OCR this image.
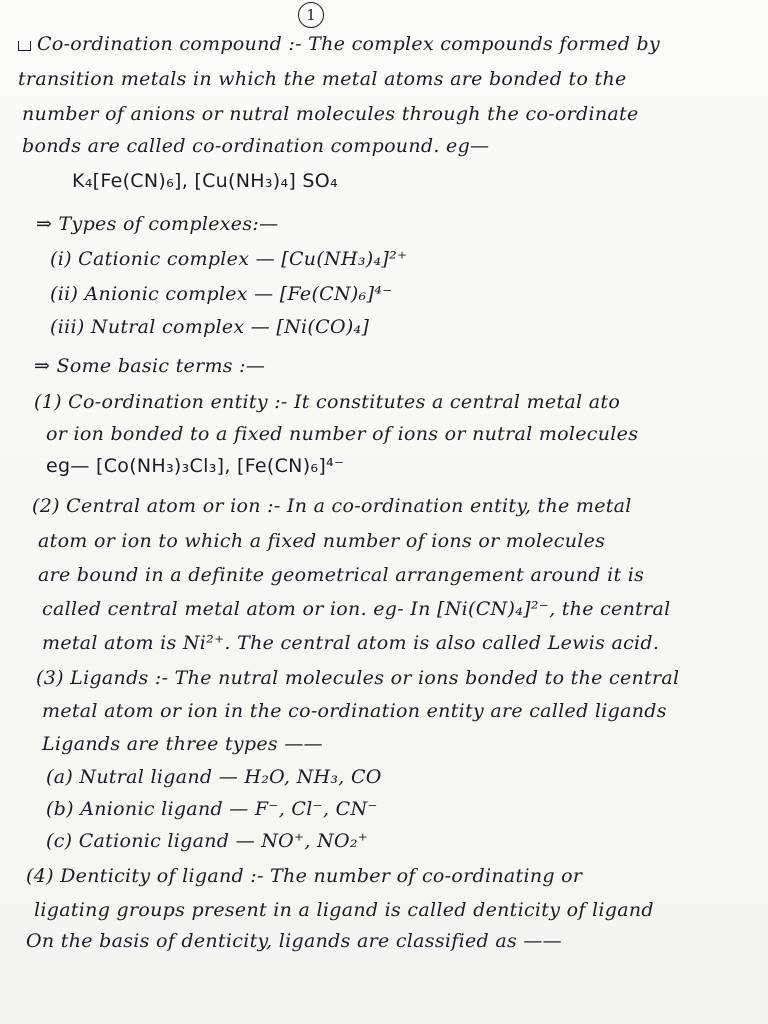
1
Co-ordination compound :- The complex compounds formed by
transition metals in which the metal atoms are bonded to the
number of anions or nutral molecules through the co-ordinate
bonds are called co-ordination compound. eg—
K₄[Fe(CN)₆], [Cu(NH₃)₄] SO₄
⇒ Types of complexes:—
(i) Cationic complex — [Cu(NH₃)₄]²⁺
(ii) Anionic complex — [Fe(CN)₆]⁴⁻
(iii) Nutral complex — [Ni(CO)₄]
⇒ Some basic terms :—
(1) Co-ordination entity :- It constitutes a central metal ato
or ion bonded to a fixed number of ions or nutral molecules
eg— [Co(NH₃)₃Cl₃], [Fe(CN)₆]⁴⁻
(2) Central atom or ion :- In a co-ordination entity, the metal
atom or ion to which a fixed number of ions or molecules
are bound in a definite geometrical arrangement around it is
called central metal atom or ion. eg- In [Ni(CN)₄]²⁻, the central
metal atom is Ni²⁺. The central atom is also called Lewis acid.
(3) Ligands :- The nutral molecules or ions bonded to the central
metal atom or ion in the co-ordination entity are called ligands
Ligands are three types ——
(a) Nutral ligand — H₂O, NH₃, CO
(b) Anionic ligand — F⁻, Cl⁻, CN⁻
(c) Cationic ligand — NO⁺, NO₂⁺
(4) Denticity of ligand :- The number of co-ordinating or
ligating groups present in a ligand is called denticity of ligand
On the basis of denticity, ligands are classified as ——
